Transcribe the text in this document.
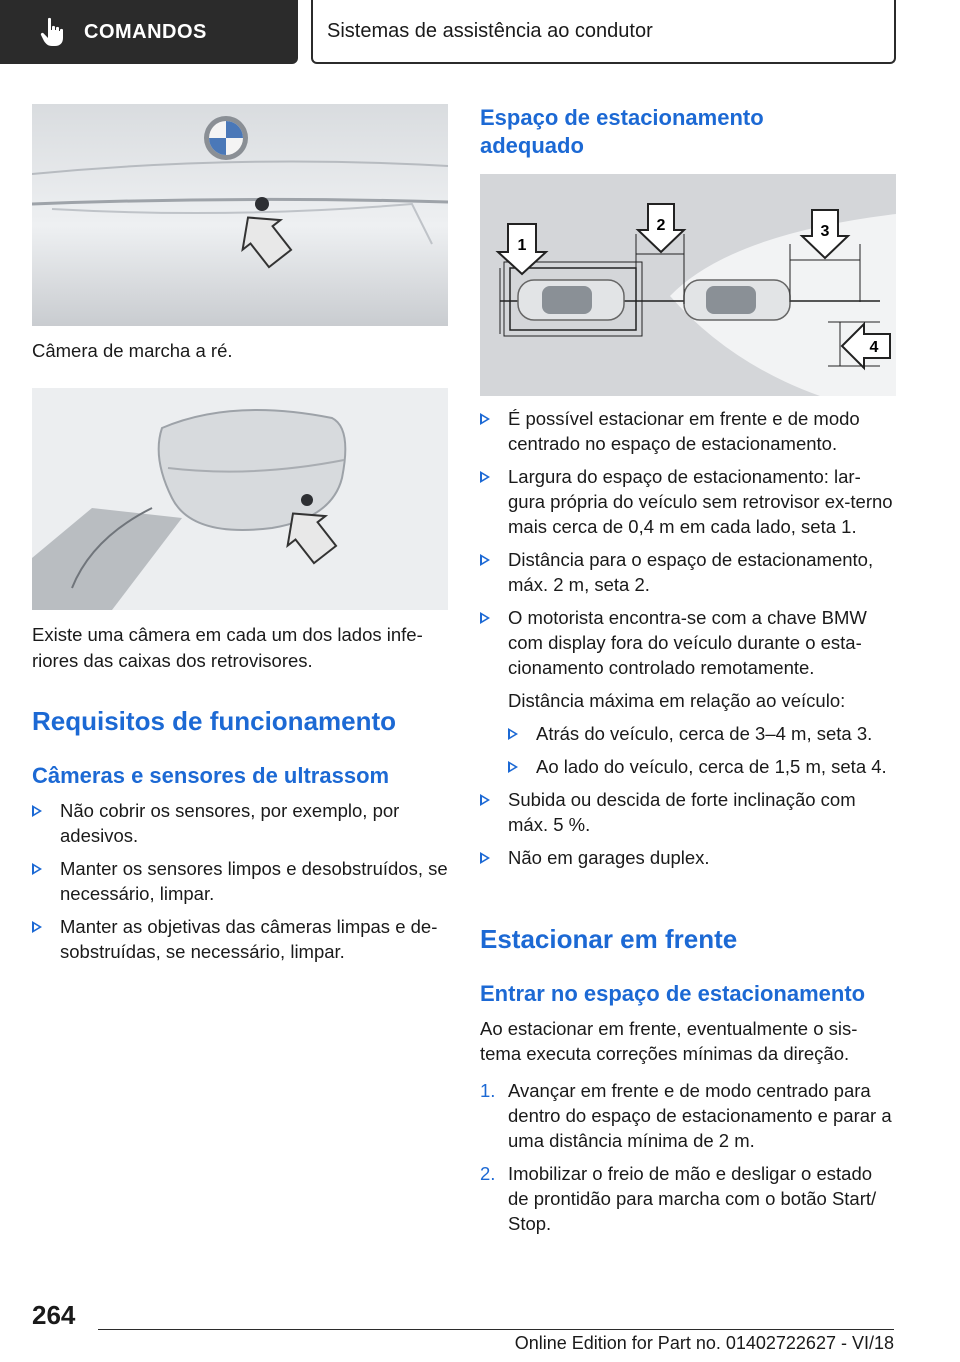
COMANDOS	Sistemas de assistência ao condutor
Câmera de marcha a ré.
Existe uma câmera em cada um dos lados infe-riores das caixas dos retrovisores.
Requisitos de funcionamento
Câmeras e sensores de ultrassom
Não cobrir os sensores, por exemplo, por adesivos.
Manter os sensores limpos e desobstruídos, se necessário, limpar.
Manter as objetivas das câmeras limpas e de-sobstruídas, se necessário, limpar.
Espaço de estacionamento adequado
1
2	3
4
É possível estacionar em frente e de modo centrado no espaço de estacionamento.
Largura do espaço de estacionamento: lar-gura própria do veículo sem retrovisor ex-terno mais cerca de 0,4 m em cada lado, seta 1.
Distância para o espaço de estacionamento, máx. 2 m, seta 2.
O motorista encontra-se com a chave BMW com display fora do veículo durante o esta-cionamento controlado remotamente.
Distância máxima em relação ao veículo:
Atrás do veículo, cerca de 3–4 m, seta 3.
Ao lado do veículo, cerca de 1,5 m, seta 4.
Subida ou descida de forte inclinação com máx. 5 %.
Não em garages duplex.
Estacionar em frente
Entrar no espaço de estacionamento
Ao estacionar em frente, eventualmente o sis-tema executa correções mínimas da direção.
1. Avançar em frente e de modo centrado para dentro do espaço de estacionamento e parar a uma distância mínima de 2 m.
2. Imobilizar o freio de mão e desligar o estado de prontidão para marcha com o botão Start/ Stop.
264
Online Edition for Part no. 01402722627 - VI/18
